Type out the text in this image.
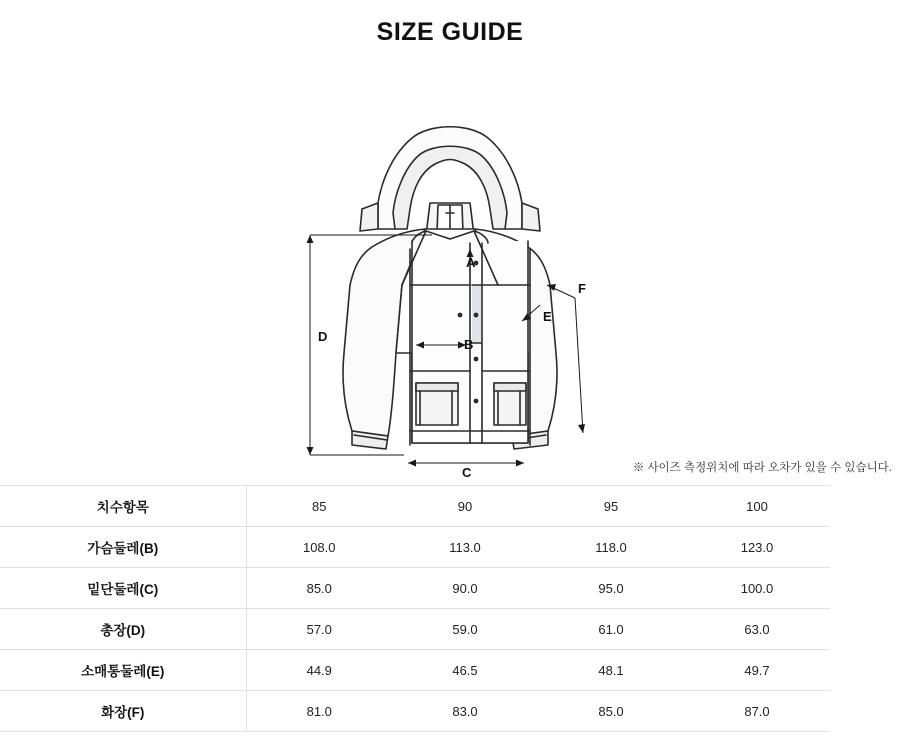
SIZE GUIDE
A
B
C
D
E
F
※ 사이즈 측정위치에 따라 오차가 있을 수 있습니다.
치수항목	85	90	95	100	
가슴둘레(B)	108.0	113.0	118.0	123.0	
밑단둘레(C)	85.0	90.0	95.0	100.0	
총장(D)	57.0	59.0	61.0	63.0	
소매통둘레(E)	44.9	46.5	48.1	49.7	
화장(F)	81.0	83.0	85.0	87.0	
